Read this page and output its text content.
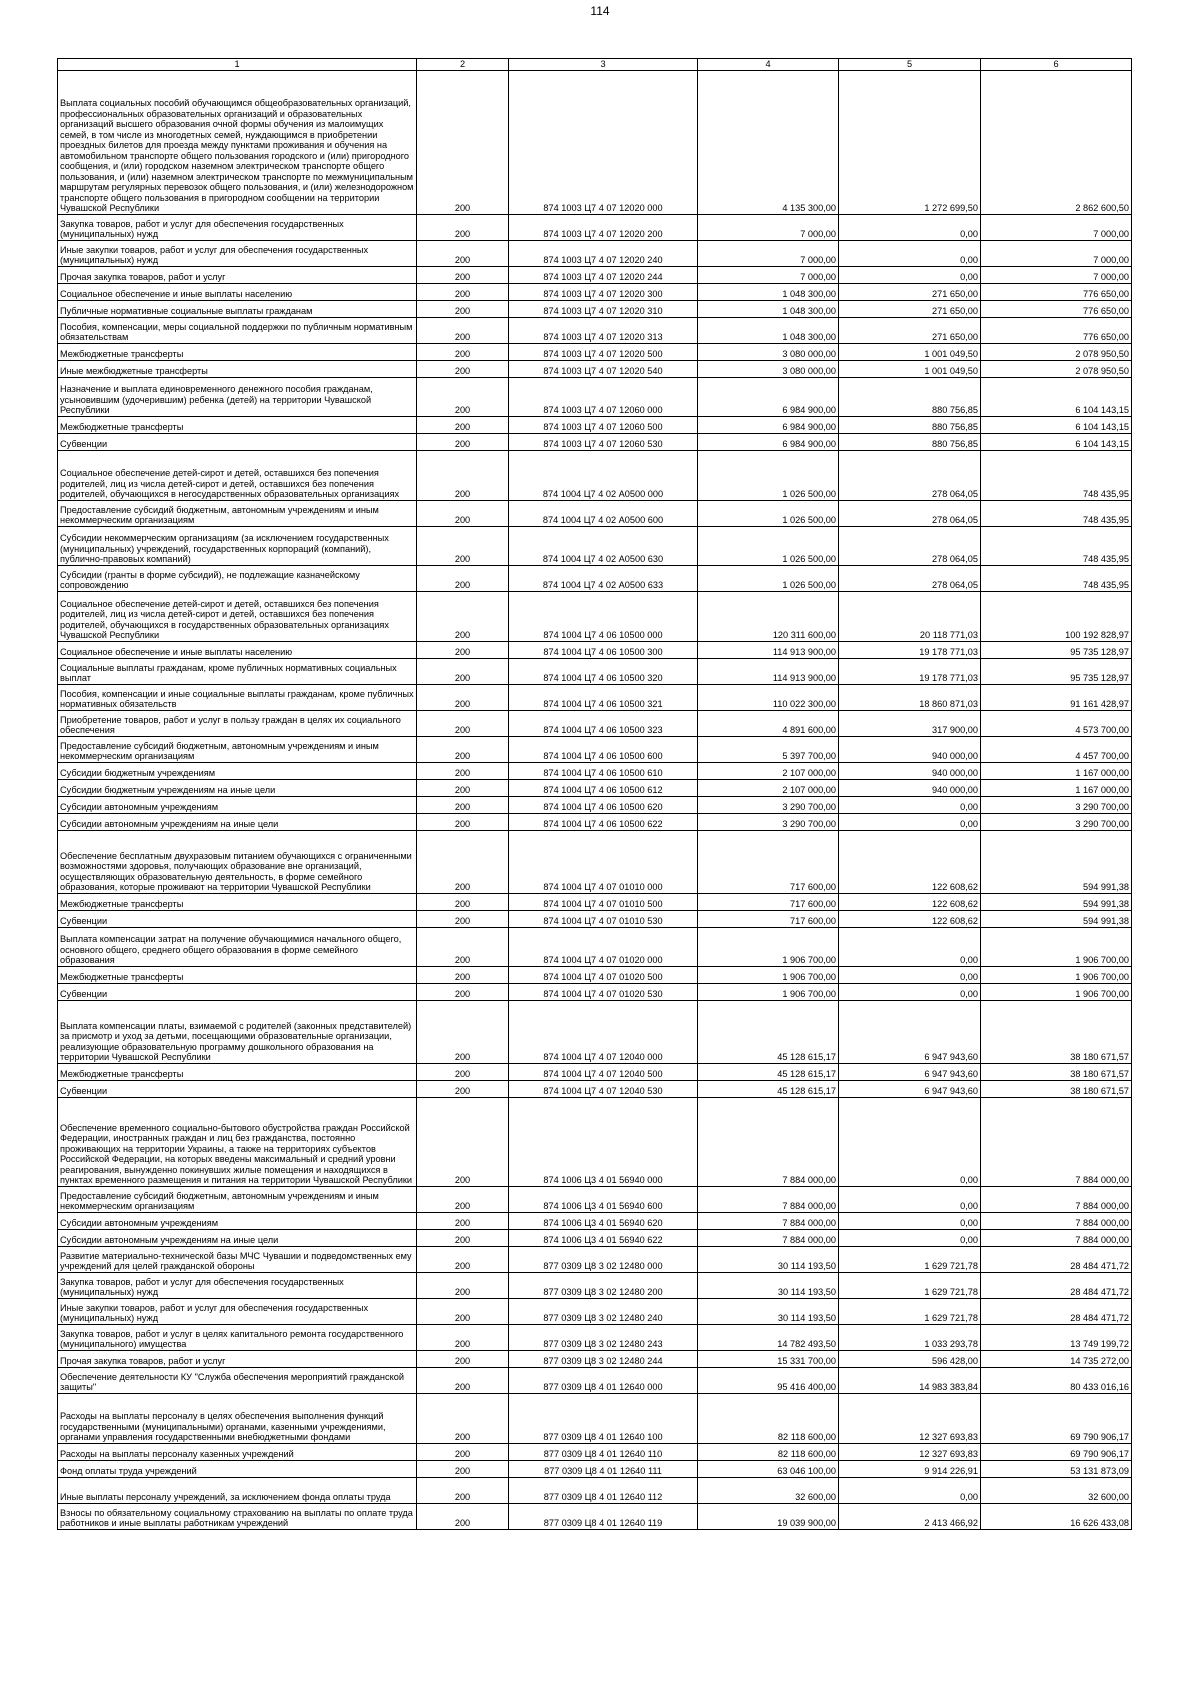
114
1	2	3	4	5	6
Выплата социальных пособий обучающимся общеобразовательных организаций, профессиональных образовательных организаций и образовательных организаций высшего образования очной формы обучения из малоимущих семей, в том числе из многодетных семей, нуждающимся в приобретении проездных билетов для проезда между пунктами проживания и обучения на автомобильном транспорте общего пользования городского и (или) пригородного сообщения, и (или) городском наземном электрическом транспорте общего пользования, и (или) наземном электрическом транспорте по межмуниципальным маршрутам регулярных перевозок общего пользования, и (или) железнодорожном транспорте общего пользования в пригородном сообщении на территории Чувашской Республики	200	874 1003 Ц7 4 07 12020 000	4 135 300,00	1 272 699,50	2 862 600,50
Закупка товаров, работ и услуг для обеспечения государственных (муниципальных) нужд	200	874 1003 Ц7 4 07 12020 200	7 000,00	0,00	7 000,00
Иные закупки товаров, работ и услуг для обеспечения государственных (муниципальных) нужд	200	874 1003 Ц7 4 07 12020 240	7 000,00	0,00	7 000,00
Прочая закупка товаров, работ и услуг	200	874 1003 Ц7 4 07 12020 244	7 000,00	0,00	7 000,00
Социальное обеспечение и иные выплаты населению	200	874 1003 Ц7 4 07 12020 300	1 048 300,00	271 650,00	776 650,00
Публичные нормативные социальные выплаты гражданам	200	874 1003 Ц7 4 07 12020 310	1 048 300,00	271 650,00	776 650,00
Пособия, компенсации, меры социальной поддержки по публичным нормативным обязательствам	200	874 1003 Ц7 4 07 12020 313	1 048 300,00	271 650,00	776 650,00
Межбюджетные трансферты	200	874 1003 Ц7 4 07 12020 500	3 080 000,00	1 001 049,50	2 078 950,50
Иные межбюджетные трансферты	200	874 1003 Ц7 4 07 12020 540	3 080 000,00	1 001 049,50	2 078 950,50
Назначение и выплата единовременного денежного пособия гражданам, усыновившим (удочерившим) ребенка (детей) на территории Чувашской Республики	200	874 1003 Ц7 4 07 12060 000	6 984 900,00	880 756,85	6 104 143,15
Межбюджетные трансферты	200	874 1003 Ц7 4 07 12060 500	6 984 900,00	880 756,85	6 104 143,15
Субвенции	200	874 1003 Ц7 4 07 12060 530	6 984 900,00	880 756,85	6 104 143,15
Социальное обеспечение детей-сирот и детей, оставшихся без попечения родителей, лиц из числа детей-сирот и детей, оставшихся без попечения родителей, обучающихся в негосударственных образовательных организациях	200	874 1004 Ц7 4 02 А0500 000	1 026 500,00	278 064,05	748 435,95
Предоставление субсидий бюджетным, автономным учреждениям и иным некоммерческим организациям	200	874 1004 Ц7 4 02 А0500 600	1 026 500,00	278 064,05	748 435,95
Субсидии некоммерческим организациям (за исключением государственных (муниципальных) учреждений, государственных корпораций (компаний), публично-правовых компаний)	200	874 1004 Ц7 4 02 А0500 630	1 026 500,00	278 064,05	748 435,95
Субсидии (гранты в форме субсидий), не подлежащие казначейскому сопровождению	200	874 1004 Ц7 4 02 А0500 633	1 026 500,00	278 064,05	748 435,95
Социальное обеспечение детей-сирот и детей, оставшихся без попечения родителей, лиц из числа детей-сирот и детей, оставшихся без попечения родителей, обучающихся в государственных образовательных организациях Чувашской Республики	200	874 1004 Ц7 4 06 10500 000	120 311 600,00	20 118 771,03	100 192 828,97
Социальное обеспечение и иные выплаты населению	200	874 1004 Ц7 4 06 10500 300	114 913 900,00	19 178 771,03	95 735 128,97
Социальные выплаты гражданам, кроме публичных нормативных социальных выплат	200	874 1004 Ц7 4 06 10500 320	114 913 900,00	19 178 771,03	95 735 128,97
Пособия, компенсации и иные социальные выплаты гражданам, кроме публичных нормативных обязательств	200	874 1004 Ц7 4 06 10500 321	110 022 300,00	18 860 871,03	91 161 428,97
Приобретение товаров, работ и услуг в пользу граждан в целях их социального обеспечения	200	874 1004 Ц7 4 06 10500 323	4 891 600,00	317 900,00	4 573 700,00
Предоставление субсидий бюджетным, автономным учреждениям и иным некоммерческим организациям	200	874 1004 Ц7 4 06 10500 600	5 397 700,00	940 000,00	4 457 700,00
Субсидии бюджетным учреждениям	200	874 1004 Ц7 4 06 10500 610	2 107 000,00	940 000,00	1 167 000,00
Субсидии бюджетным учреждениям на иные цели	200	874 1004 Ц7 4 06 10500 612	2 107 000,00	940 000,00	1 167 000,00
Субсидии автономным учреждениям	200	874 1004 Ц7 4 06 10500 620	3 290 700,00	0,00	3 290 700,00
Субсидии автономным учреждениям на иные цели	200	874 1004 Ц7 4 06 10500 622	3 290 700,00	0,00	3 290 700,00
Обеспечение бесплатным двухразовым питанием обучающихся с ограниченными возможностями здоровья, получающих образование вне организаций, осуществляющих образовательную деятельность, в форме семейного образования, которые проживают на территории Чувашской Республики	200	874 1004 Ц7 4 07 01010 000	717 600,00	122 608,62	594 991,38
Межбюджетные трансферты	200	874 1004 Ц7 4 07 01010 500	717 600,00	122 608,62	594 991,38
Субвенции	200	874 1004 Ц7 4 07 01010 530	717 600,00	122 608,62	594 991,38
Выплата компенсации затрат на получение обучающимися начального общего, основного общего, среднего общего образования в форме семейного образования	200	874 1004 Ц7 4 07 01020 000	1 906 700,00	0,00	1 906 700,00
Межбюджетные трансферты	200	874 1004 Ц7 4 07 01020 500	1 906 700,00	0,00	1 906 700,00
Субвенции	200	874 1004 Ц7 4 07 01020 530	1 906 700,00	0,00	1 906 700,00
Выплата компенсации платы, взимаемой с родителей (законных представителей) за присмотр и уход за детьми, посещающими образовательные организации, реализующие образовательную программу дошкольного образования на территории Чувашской Республики	200	874 1004 Ц7 4 07 12040 000	45 128 615,17	6 947 943,60	38 180 671,57
Межбюджетные трансферты	200	874 1004 Ц7 4 07 12040 500	45 128 615,17	6 947 943,60	38 180 671,57
Субвенции	200	874 1004 Ц7 4 07 12040 530	45 128 615,17	6 947 943,60	38 180 671,57
Обеспечение временного социально-бытового обустройства граждан Российской Федерации, иностранных граждан и лиц без гражданства, постоянно проживающих на территории Украины, а также на территориях субъектов Российской Федерации, на которых введены максимальный и средний уровни реагирования, вынужденно покинувших жилые помещения и находящихся в пунктах временного размещения и питания на территории Чувашской Республики	200	874 1006 Ц3 4 01 56940 000	7 884 000,00	0,00	7 884 000,00
Предоставление субсидий бюджетным, автономным учреждениям и иным некоммерческим организациям	200	874 1006 Ц3 4 01 56940 600	7 884 000,00	0,00	7 884 000,00
Субсидии автономным учреждениям	200	874 1006 Ц3 4 01 56940 620	7 884 000,00	0,00	7 884 000,00
Субсидии автономным учреждениям на иные цели	200	874 1006 Ц3 4 01 56940 622	7 884 000,00	0,00	7 884 000,00
Развитие материально-технической базы МЧС Чувашии и подведомственных ему учреждений для целей гражданской обороны	200	877 0309 Ц8 3 02 12480 000	30 114 193,50	1 629 721,78	28 484 471,72
Закупка товаров, работ и услуг для обеспечения государственных (муниципальных) нужд	200	877 0309 Ц8 3 02 12480 200	30 114 193,50	1 629 721,78	28 484 471,72
Иные закупки товаров, работ и услуг для обеспечения государственных (муниципальных) нужд	200	877 0309 Ц8 3 02 12480 240	30 114 193,50	1 629 721,78	28 484 471,72
Закупка товаров, работ и услуг в целях капитального ремонта государственного (муниципального) имущества	200	877 0309 Ц8 3 02 12480 243	14 782 493,50	1 033 293,78	13 749 199,72
Прочая закупка товаров, работ и услуг	200	877 0309 Ц8 3 02 12480 244	15 331 700,00	596 428,00	14 735 272,00
Обеспечение деятельности КУ "Служба обеспечения мероприятий гражданской защиты"	200	877 0309 Ц8 4 01 12640 000	95 416 400,00	14 983 383,84	80 433 016,16
Расходы на выплаты персоналу в целях обеспечения выполнения функций государственными (муниципальными) органами, казенными учреждениями, органами управления государственными внебюджетными фондами	200	877 0309 Ц8 4 01 12640 100	82 118 600,00	12 327 693,83	69 790 906,17
Расходы на выплаты персоналу казенных учреждений	200	877 0309 Ц8 4 01 12640 110	82 118 600,00	12 327 693,83	69 790 906,17
Фонд оплаты труда учреждений	200	877 0309 Ц8 4 01 12640 111	63 046 100,00	9 914 226,91	53 131 873,09
Иные выплаты персоналу учреждений, за исключением фонда оплаты труда	200	877 0309 Ц8 4 01 12640 112	32 600,00	0,00	32 600,00
Взносы по обязательному социальному страхованию на выплаты по оплате труда работников и иные выплаты работникам учреждений	200	877 0309 Ц8 4 01 12640 119	19 039 900,00	2 413 466,92	16 626 433,08
